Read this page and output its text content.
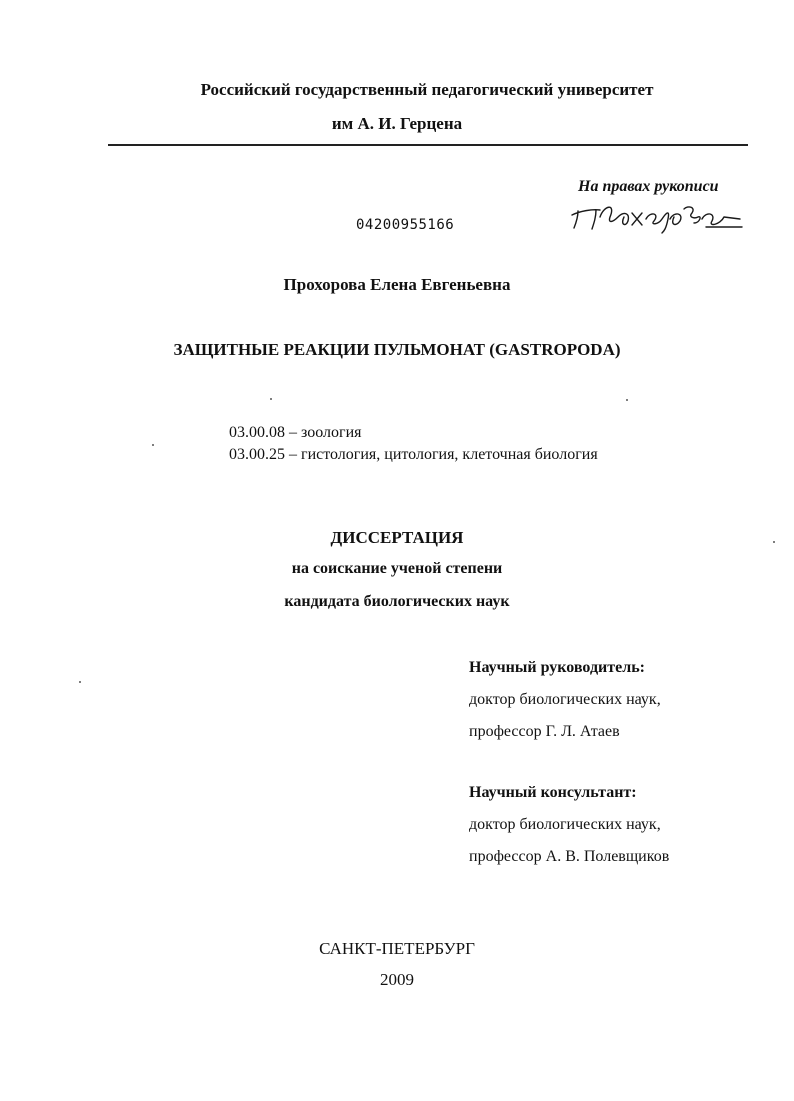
Российский государственный педагогический университет
им А. И. Герцена
На правах рукописи
04200955166
Прохорова Елена Евгеньевна
ЗАЩИТНЫЕ РЕАКЦИИ ПУЛЬМОНАТ (GASTROPODA)
03.00.08 – зоология
03.00.25 – гистология, цитология, клеточная биология
ДИССЕРТАЦИЯ
на соискание ученой степени
кандидата биологических наук
Научный руководитель:
доктор биологических наук,
профессор Г. Л. Атаев
Научный консультант:
доктор биологических наук,
профессор А. В. Полевщиков
САНКТ-ПЕТЕРБУРГ
2009
